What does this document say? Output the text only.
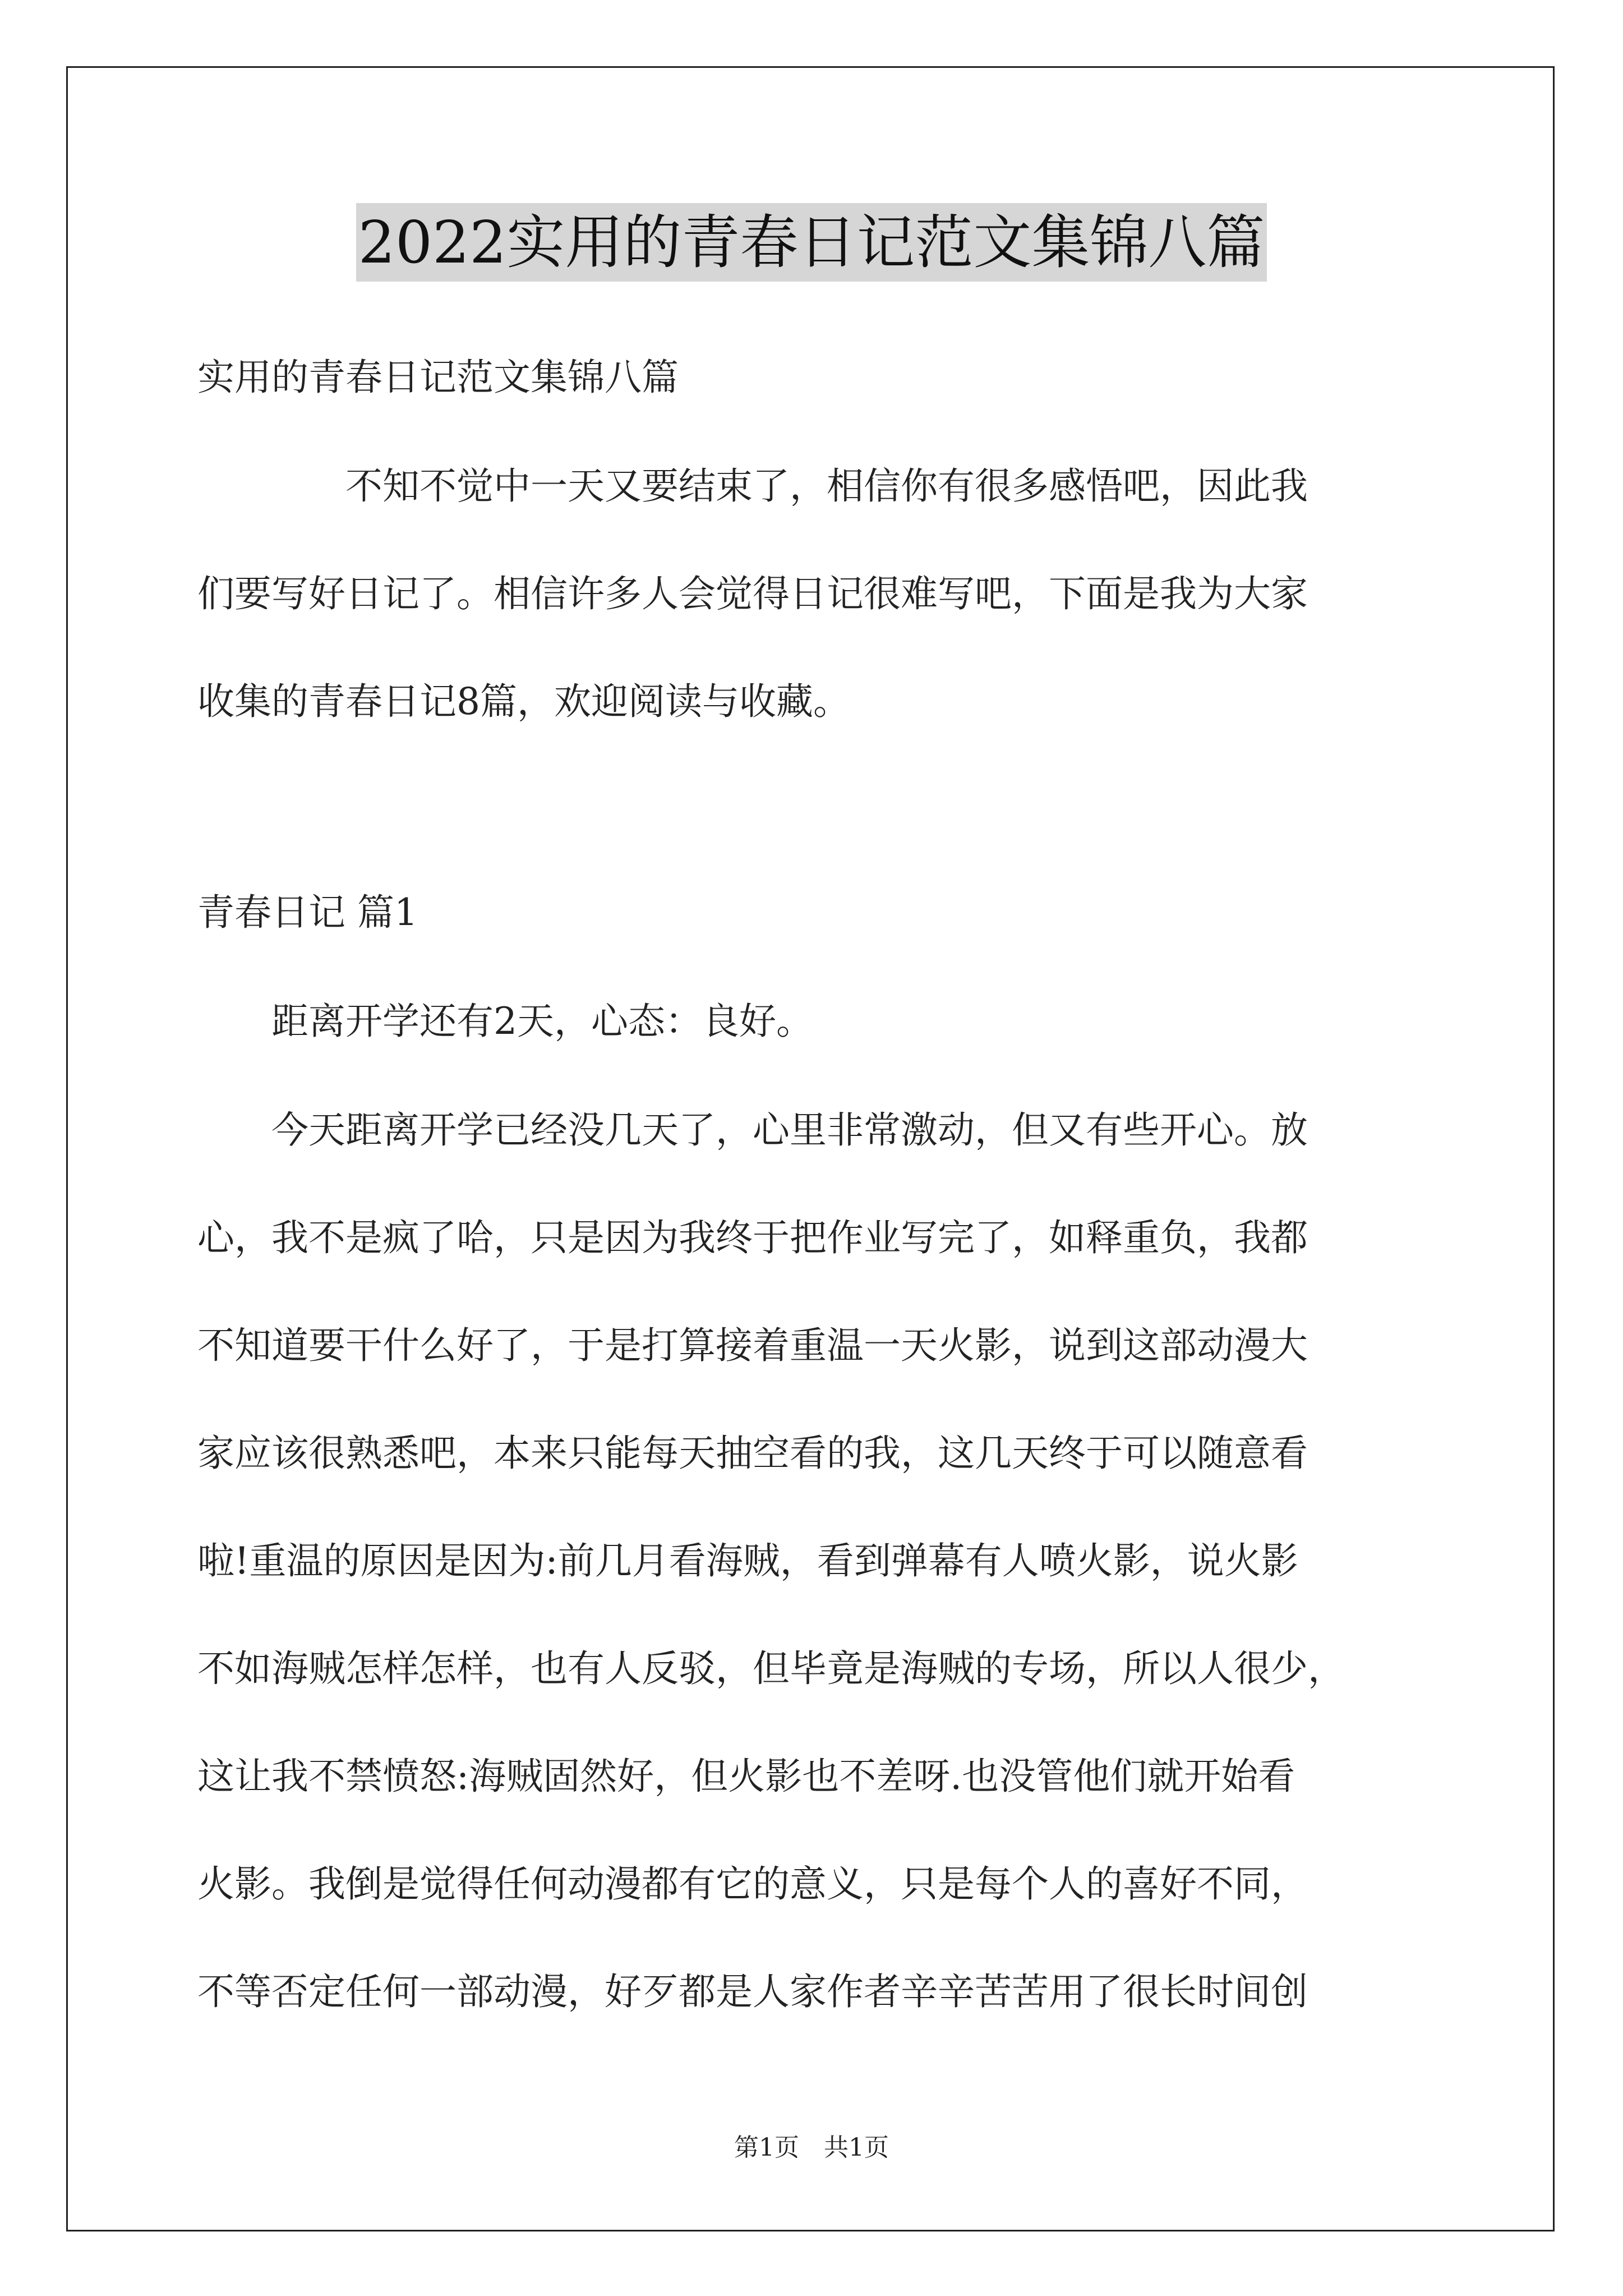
2022实用的青春日记范文集锦八篇
实用的青春日记范文集锦八篇
　　　　不知不觉中一天又要结束了，相信你有很多感悟吧，因此我
们要写好日记了。相信许多人会觉得日记很难写吧，下面是我为大家
收集的青春日记8篇，欢迎阅读与收藏。
青春日记 篇1
　　距离开学还有2天，心态：良好。
　　今天距离开学已经没几天了，心里非常激动，但又有些开心。放
心，我不是疯了哈，只是因为我终于把作业写完了，如释重负，我都
不知道要干什么好了，于是打算接着重温一天火影，说到这部动漫大
家应该很熟悉吧，本来只能每天抽空看的我，这几天终于可以随意看
啦!重温的原因是因为:前几月看海贼，看到弹幕有人喷火影，说火影
不如海贼怎样怎样，也有人反驳，但毕竟是海贼的专场，所以人很少，
这让我不禁愤怒:海贼固然好，但火影也不差呀.也没管他们就开始看
火影。我倒是觉得任何动漫都有它的意义，只是每个人的喜好不同，
不等否定任何一部动漫，好歹都是人家作者辛辛苦苦用了很长时间创
第1页　共1页
